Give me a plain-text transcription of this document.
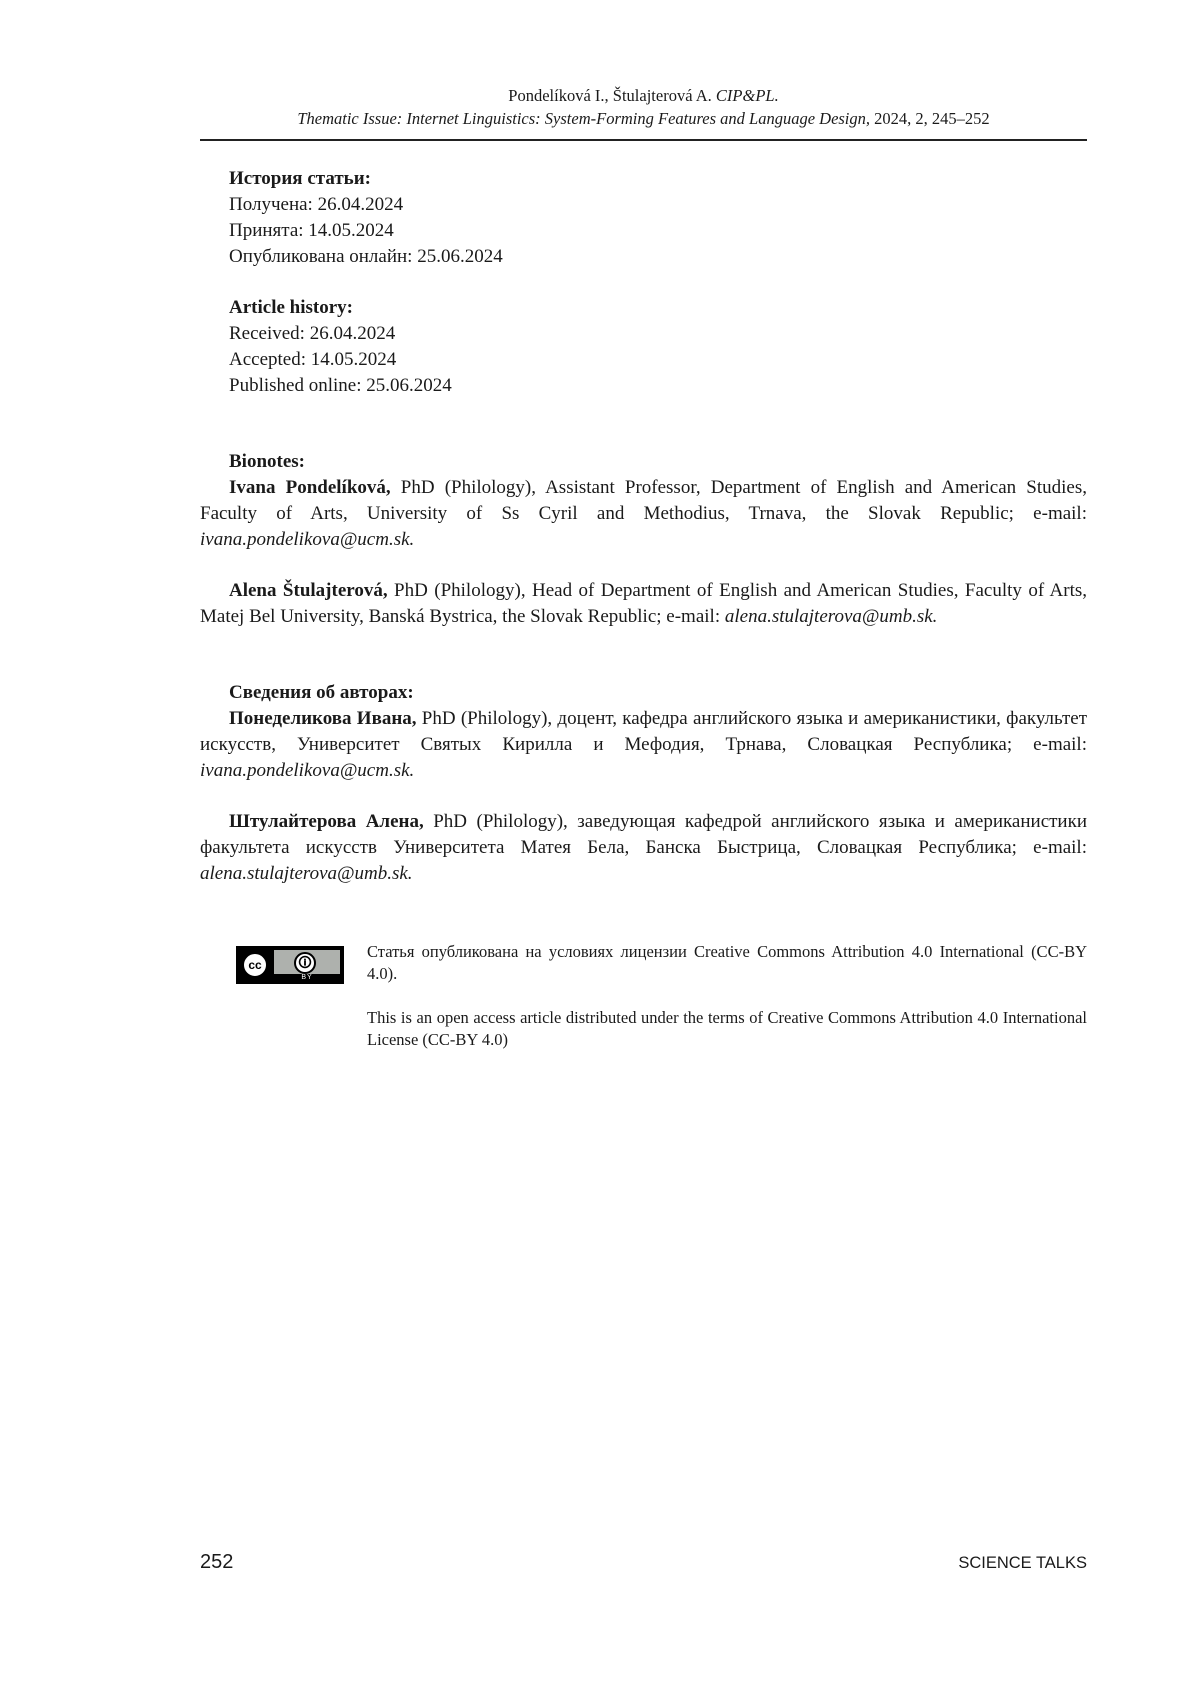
Pondelíková I., Štulajterová A. CIP&PL.
Thematic Issue: Internet Linguistics: System-Forming Features and Language Design, 2024, 2, 245–252
История статьи:
Получена: 26.04.2024
Принята: 14.05.2024
Опубликована онлайн: 25.06.2024
Article history:
Received: 26.04.2024
Accepted: 14.05.2024
Published online: 25.06.2024
Bionotes:

Ivana Pondelíková, PhD (Philology), Assistant Professor, Department of English and American Studies, Faculty of Arts, University of Ss Cyril and Methodius, Trnava, the Slovak Republic; e-mail: ivana.pondelikova@ucm.sk.

Alena Štulajterová, PhD (Philology), Head of Department of English and American Studies, Faculty of Arts, Matej Bel University, Banská Bystrica, the Slovak Republic; e-mail: alena.stulajterova@umb.sk.

Сведения об авторах:

Понеделикова Ивана, PhD (Philology), доцент, кафедра английского языка и американистики, факультет искусств, Университет Святых Кирилла и Мефодия, Трнава, Словацкая Республика; e-mail: ivana.pondelikova@ucm.sk.

Штулайтерова Алена, PhD (Philology), заведующая кафедрой английского языка и американистики факультета искусств Университета Матея Бела, Банска Быстрица, Словацкая Республика; e-mail: alena.stulajterova@umb.sk.

cc	🛈
BY
Статья опубликована на условиях лицензии Creative Commons Attribution 4.0 International (CC-BY 4.0).
This is an open access article distributed under the terms of Creative Commons Attribution 4.0 International License (CC-BY 4.0)
252	SCIENCE TALKS
